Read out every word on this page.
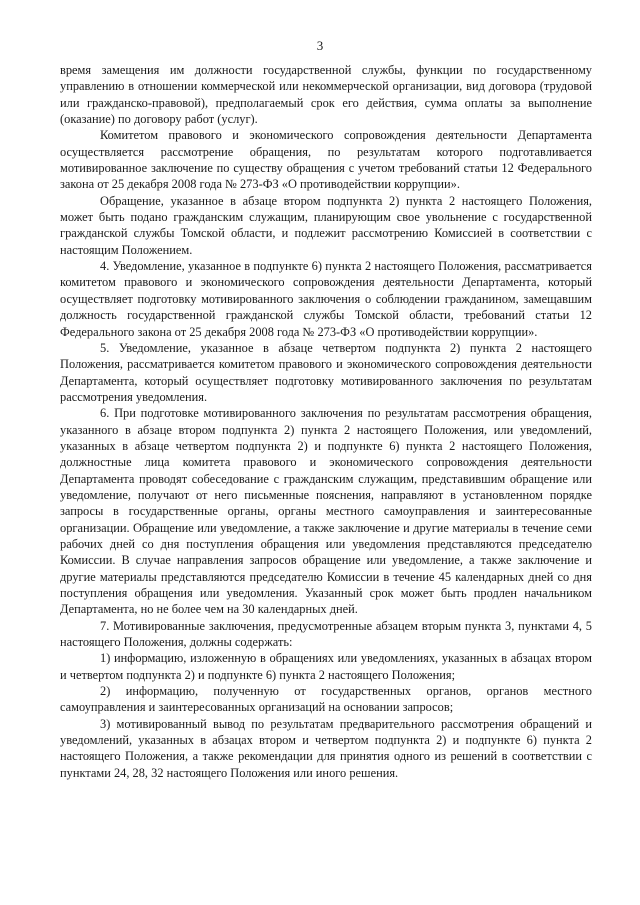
3

время замещения им должности государственной службы, функции по государственному управлению в отношении коммерческой или некоммерческой организации, вид договора (трудовой или гражданско-правовой), предполагаемый срок его действия, сумма оплаты за выполнение (оказание) по договору работ (услуг).

Комитетом правового и экономического сопровождения деятельности Департамента осуществляется рассмотрение обращения, по результатам которого подготавливается мотивированное заключение по существу обращения с учетом требований статьи 12 Федерального закона от 25 декабря 2008 года № 273-ФЗ «О противодействии коррупции».

Обращение, указанное в абзаце втором подпункта 2) пункта 2 настоящего Положения, может быть подано гражданским служащим, планирующим свое увольнение с государственной гражданской службы Томской области, и подлежит рассмотрению Комиссией в соответствии с настоящим Положением.

4. Уведомление, указанное в подпункте 6) пункта 2 настоящего Положения, рассматривается комитетом правового и экономического сопровождения деятельности Департамента, который осуществляет подготовку мотивированного заключения о соблюдении гражданином, замещавшим должность государственной гражданской службы Томской области, требований статьи 12 Федерального закона от 25 декабря 2008 года № 273-ФЗ «О противодействии коррупции».

5. Уведомление, указанное в абзаце четвертом подпункта 2) пункта 2 настоящего Положения, рассматривается комитетом правового и экономического сопровождения деятельности Департамента, который осуществляет подготовку мотивированного заключения по результатам рассмотрения уведомления.

6. При подготовке мотивированного заключения по результатам рассмотрения обращения, указанного в абзаце втором подпункта 2) пункта 2 настоящего Положения, или уведомлений, указанных в абзаце четвертом подпункта 2) и подпункте 6) пункта 2 настоящего Положения, должностные лица комитета правового и экономического сопровождения деятельности Департамента проводят собеседование с гражданским служащим, представившим обращение или уведомление, получают от него письменные пояснения, направляют в установленном порядке запросы в государственные органы, органы местного самоуправления и заинтересованные организации. Обращение или уведомление, а также заключение и другие материалы в течение семи рабочих дней со дня поступления обращения или уведомления представляются председателю Комиссии. В случае направления запросов обращение или уведомление, а также заключение и другие материалы представляются председателю Комиссии в течение 45 календарных дней со дня поступления обращения или уведомления. Указанный срок может быть продлен начальником Департамента, но не более чем на 30 календарных дней.

7. Мотивированные заключения, предусмотренные абзацем вторым пункта 3, пунктами 4, 5 настоящего Положения, должны содержать:

1) информацию, изложенную в обращениях или уведомлениях, указанных в абзацах втором и четвертом подпункта 2) и подпункте 6) пункта 2 настоящего Положения;

2) информацию, полученную от государственных органов, органов местного самоуправления и заинтересованных организаций на основании запросов;

3) мотивированный вывод по результатам предварительного рассмотрения обращений и уведомлений, указанных в абзацах втором и четвертом подпункта 2) и подпункте 6) пункта 2 настоящего Положения, а также рекомендации для принятия одного из решений в соответствии с пунктами 24, 28, 32 настоящего Положения или иного решения.
